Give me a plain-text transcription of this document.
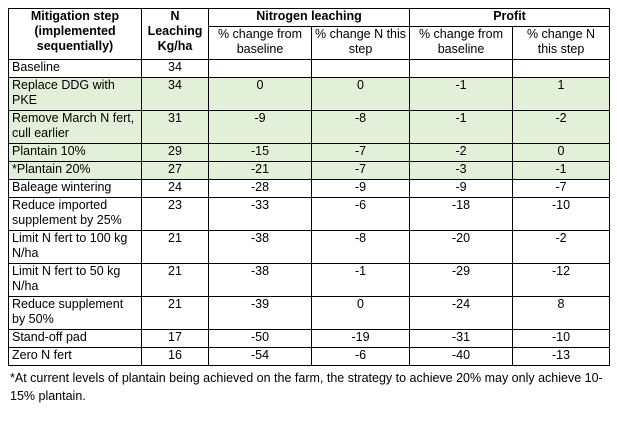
Mitigation step (implemented sequentially)	N Leaching Kg/ha	Nitrogen leaching		Profit	
		% change from baseline	% change N this step	% change from baseline	% change N this step
Baseline	34				
Replace DDG with PKE	34	0	0	-1	1
Remove March N fert, cull earlier	31	-9	-8	-1	-2
Plantain 10%	29	-15	-7	-2	0
*Plantain 20%	27	-21	-7	-3	-1
Baleage wintering	24	-28	-9	-9	-7
Reduce imported supplement by 25%	23	-33	-6	-18	-10
Limit N fert to 100 kg N/ha	21	-38	-8	-20	-2
Limit N fert to 50 kg N/ha	21	-38	-1	-29	-12
Reduce supplement by 50%	21	-39	0	-24	8
Stand-off pad	17	-50	-19	-31	-10
Zero N fert	16	-54	-6	-40	-13
*At current levels of plantain being achieved on the farm, the strategy to achieve 20% may only achieve 10-15% plantain.
